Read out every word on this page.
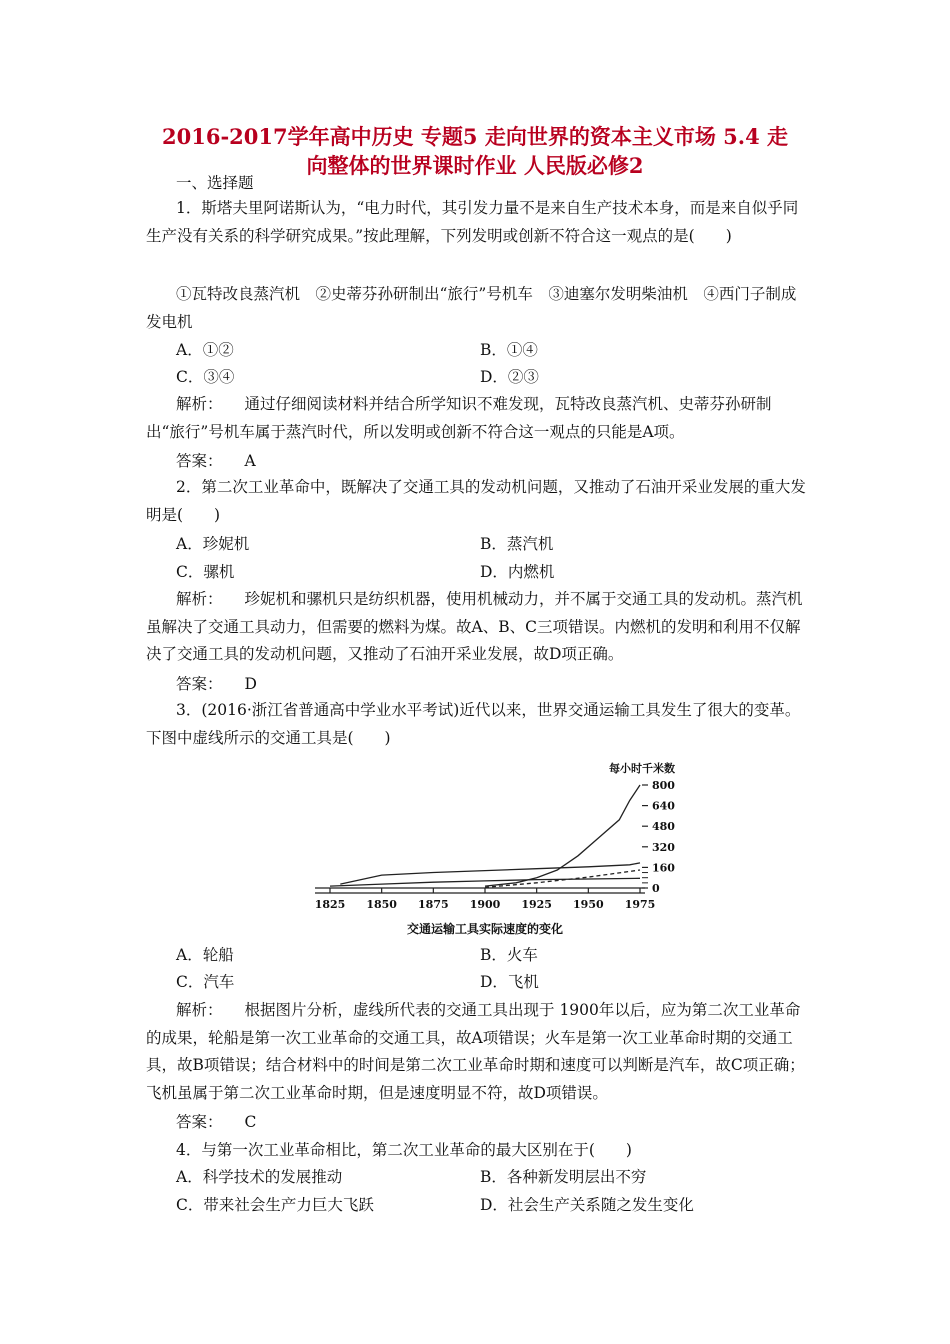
2016-2017学年高中历史 专题5 走向世界的资本主义市场 5.4 走
向整体的世界课时作业 人民版必修2
一、选择题
1．斯塔夫里阿诺斯认为，“电力时代，其引发力量不是来自生产技术本身，而是来自似乎同生产没有关系的科学研究成果。”按此理解，下列发明或创新不符合这一观点的是(　　)
①瓦特改良蒸汽机　②史蒂芬孙研制出“旅行”号机车　③迪塞尔发明柴油机　④西门子制成发电机
A．①②	B．①④
C．③④	D．②③
解析： 通过仔细阅读材料并结合所学知识不难发现，瓦特改良蒸汽机、史蒂芬孙研制出“旅行”号机车属于蒸汽时代，所以发明或创新不符合这一观点的只能是A项。
答案： A
2．第二次工业革命中，既解决了交通工具的发动机问题，又推动了石油开采业发展的重大发明是(　　)
A．珍妮机	B．蒸汽机
C．骡机	D．内燃机
解析： 珍妮机和骡机只是纺织机器，使用机械动力，并不属于交通工具的发动机。蒸汽机虽解决了交通工具动力，但需要的燃料为煤。故A、B、C三项错误。内燃机的发明和利用不仅解决了交通工具的发动机问题，又推动了石油开采业发展，故D项正确。
答案： D
3．(2016·浙江省普通高中学业水平考试)近代以来，世界交通运输工具发生了很大的变革。下图中虚线所示的交通工具是(　　)
1825 1850 1875 1900 1925 1950 1975
0
160
320
480
640
800
每小时千米数
交通运输工具实际速度的变化
A．轮船	B．火车
C．汽车	D．飞机
解析： 根据图片分析，虚线所代表的交通工具出现于 1900年以后，应为第二次工业革命的成果，轮船是第一次工业革命的交通工具，故A项错误；火车是第一次工业革命时期的交通工具，故B项错误；结合材料中的时间是第二次工业革命时期和速度可以判断是汽车，故C项正确；飞机虽属于第二次工业革命时期，但是速度明显不符，故D项错误。
答案： C
4．与第一次工业革命相比，第二次工业革命的最大区别在于(　　)
A．科学技术的发展推动	B．各种新发明层出不穷
C．带来社会生产力巨大飞跃	D．社会生产关系随之发生变化
